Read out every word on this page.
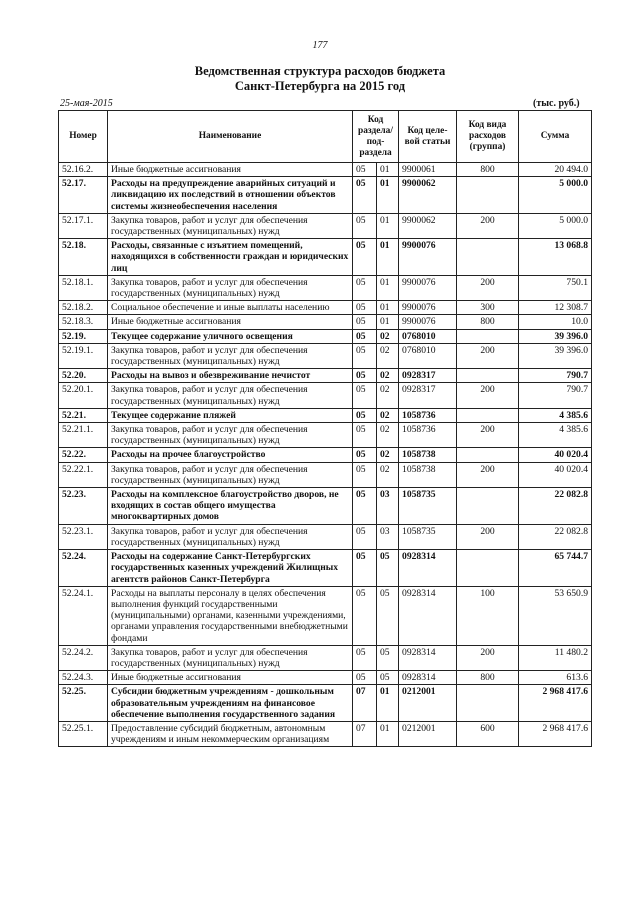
177
Ведомственная структура расходов бюджета
Санкт-Петербурга на 2015 год
25-мая-2015	(тыс. руб.)
Номер	Наименование	Код раздела/ под- раздела		Код целе- вой статьи	Код вида расходов (группа)	Сумма
52.16.2.	Иные бюджетные ассигнования	05	01	9900061	800	20 494.0
52.17.	Расходы на предупреждение аварийных ситуаций и ликвидацию их последствий в отношении объектов системы жизнеобеспечения населения	05	01	9900062		5 000.0
52.17.1.	Закупка товаров, работ и услуг для обеспечения государственных (муниципальных) нужд	05	01	9900062	200	5 000.0
52.18.	Расходы, связанные с изъятием помещений, находящихся в собственности граждан и юридических лиц	05	01	9900076		13 068.8
52.18.1.	Закупка товаров, работ и услуг для обеспечения государственных (муниципальных) нужд	05	01	9900076	200	750.1
52.18.2.	Социальное обеспечение и иные выплаты населению	05	01	9900076	300	12 308.7
52.18.3.	Иные бюджетные ассигнования	05	01	9900076	800	10.0
52.19.	Текущее содержание уличного освещения	05	02	0768010		39 396.0
52.19.1.	Закупка товаров, работ и услуг для обеспечения государственных (муниципальных) нужд	05	02	0768010	200	39 396.0
52.20.	Расходы на вывоз и обезвреживание нечистот	05	02	0928317		790.7
52.20.1.	Закупка товаров, работ и услуг для обеспечения государственных (муниципальных) нужд	05	02	0928317	200	790.7
52.21.	Текущее содержание пляжей	05	02	1058736		4 385.6
52.21.1.	Закупка товаров, работ и услуг для обеспечения государственных (муниципальных) нужд	05	02	1058736	200	4 385.6
52.22.	Расходы на прочее благоустройство	05	02	1058738		40 020.4
52.22.1.	Закупка товаров, работ и услуг для обеспечения государственных (муниципальных) нужд	05	02	1058738	200	40 020.4
52.23.	Расходы на комплексное благоустройство дворов, не входящих в состав общего имущества многоквартирных домов	05	03	1058735		22 082.8
52.23.1.	Закупка товаров, работ и услуг для обеспечения государственных (муниципальных) нужд	05	03	1058735	200	22 082.8
52.24.	Расходы на содержание Санкт-Петербургских государственных казенных учреждений Жилищных агентств районов Санкт-Петербурга	05	05	0928314		65 744.7
52.24.1.	Расходы на выплаты персоналу в целях обеспечения выполнения функций государственными (муниципальными) органами, казенными учреждениями, органами управления государственными внебюджетными фондами	05	05	0928314	100	53 650.9
52.24.2.	Закупка товаров, работ и услуг для обеспечения государственных (муниципальных) нужд	05	05	0928314	200	11 480.2
52.24.3.	Иные бюджетные ассигнования	05	05	0928314	800	613.6
52.25.	Субсидии бюджетным учреждениям - дошкольным образовательным учреждениям на финансовое обеспечение выполнения государственного задания	07	01	0212001		2 968 417.6
52.25.1.	Предоставление субсидий бюджетным, автономным учреждениям и иным некоммерческим организациям	07	01	0212001	600	2 968 417.6
